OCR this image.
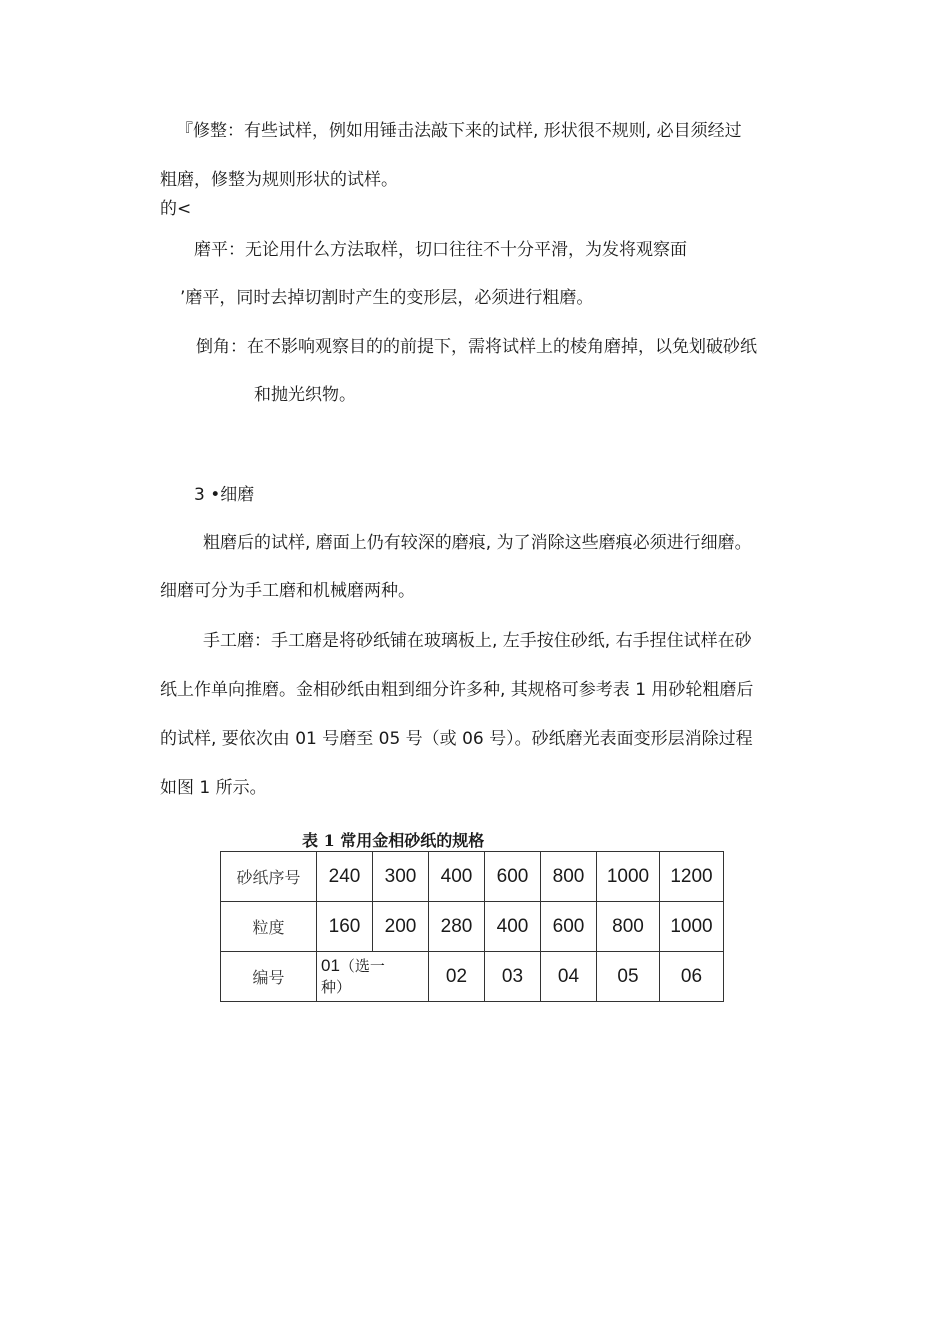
『修整：有些试样，例如用锤击法敲下来的试样, 形状很不规则, 必目须经过
粗磨，修整为规则形状的试样。
的<
磨平：无论用什么方法取样，切口往往不十分平滑，为发将观察面
’磨平，同时去掉切割时产生的变形层，必须进行粗磨。
倒角：在不影响观察目的的前提下，需将试样上的棱角磨掉，以免划破砂纸
和抛光织物。
3 •细磨
粗磨后的试样, 磨面上仍有较深的磨痕, 为了消除这些磨痕必须进行细磨。
细磨可分为手工磨和机械磨两种。
手工磨：手工磨是将砂纸铺在玻璃板上, 左手按住砂纸, 右手捏住试样在砂
纸上作单向推磨。金相砂纸由粗到细分许多种, 其规格可参考表 1 用砂轮粗磨后
的试样, 要依次由 01 号磨至 05 号（或 06 号）。砂纸磨光表面变形层消除过程
如图 1 所示。
表 1 常用金相砂纸的规格
砂纸序号	240	300	400	600	800	1000	1200
粒度	160	200	280	400	600	800	1000
编号	01（选一
种）		02	03	04	05	06
